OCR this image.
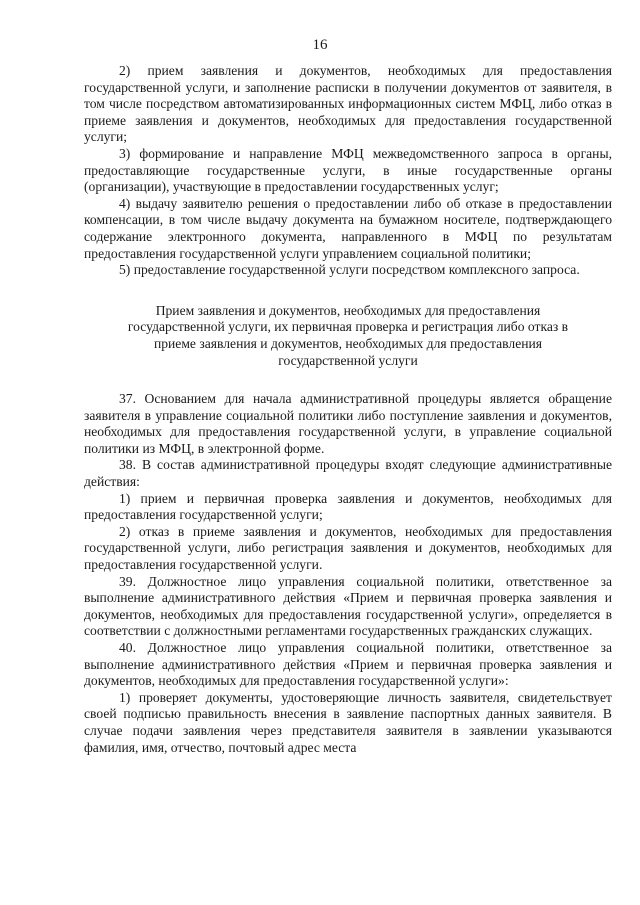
16

2) прием заявления и документов, необходимых для предоставления государственной услуги, и заполнение расписки в получении документов от заявителя, в том числе посредством автоматизированных информационных систем МФЦ, либо отказ в приеме заявления и документов, необходимых для предоставления государственной услуги;

3) формирование и направление МФЦ межведомственного запроса в органы, предоставляющие государственные услуги, в иные государственные органы (организации), участвующие в предоставлении государственных услуг;

4) выдачу заявителю решения о предоставлении либо об отказе в предоставлении компенсации, в том числе выдачу документа на бумажном носителе, подтверждающего содержание электронного документа, направленного в МФЦ по результатам предоставления государственной услуги управлением социальной политики;

5) предоставление государственной услуги посредством комплексного запроса.

Прием заявления и документов, необходимых для предоставления государственной услуги, их первичная проверка и регистрация либо отказ в приеме заявления и документов, необходимых для предоставления государственной услуги

37. Основанием для начала административной процедуры является обращение заявителя в управление социальной политики либо поступление заявления и документов, необходимых для предоставления государственной услуги, в управление социальной политики из МФЦ, в электронной форме.

38. В состав административной процедуры входят следующие административные действия:

1) прием и первичная проверка заявления и документов, необходимых для предоставления государственной услуги;

2) отказ в приеме заявления и документов, необходимых для предоставления государственной услуги, либо регистрация заявления и документов, необходимых для предоставления государственной услуги.

39. Должностное лицо управления социальной политики, ответственное за выполнение административного действия «Прием и первичная проверка заявления и документов, необходимых для предоставления государственной услуги», определяется в соответствии с должностными регламентами государственных гражданских служащих.

40. Должностное лицо управления социальной политики, ответственное за выполнение административного действия «Прием и первичная проверка заявления и документов, необходимых для предоставления государственной услуги»:

1) проверяет документы, удостоверяющие личность заявителя, свидетельствует своей подписью правильность внесения в заявление паспортных данных заявителя. В случае подачи заявления через представителя заявителя в заявлении указываются фамилия, имя, отчество, почтовый адрес места
